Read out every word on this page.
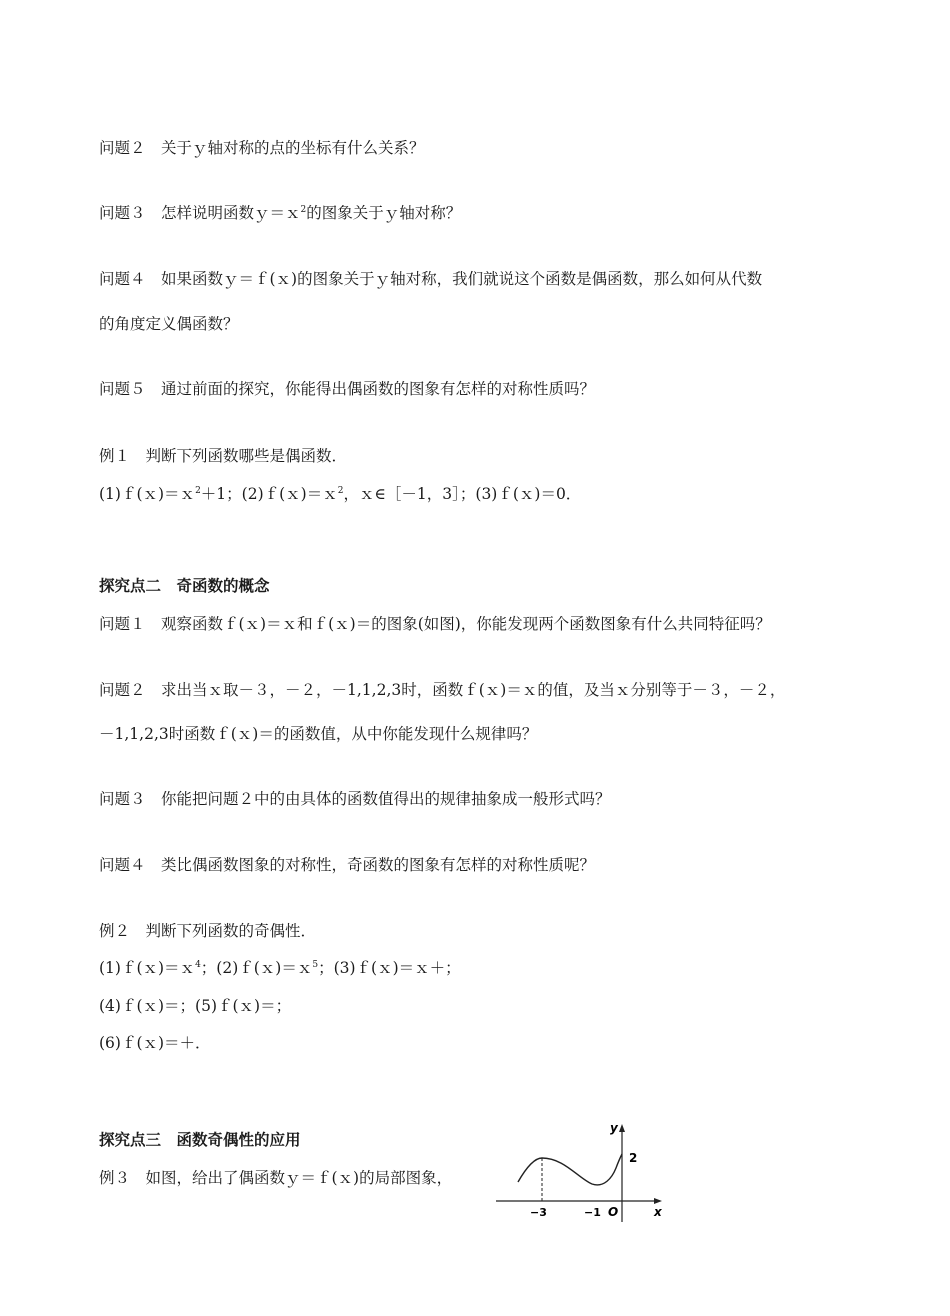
问题２　关于ｙ轴对称的点的坐标有什么关系？
问题３　怎样说明函数ｙ＝ｘ$^2$的图象关于ｙ轴对称？
问题４　如果函数ｙ＝ｆ(ｘ)的图象关于ｙ轴对称，我们就说这个函数是偶函数，那么如何从代数
的角度定义偶函数？
问题５　通过前面的探究，你能得出偶函数的图象有怎样的对称性质吗？
例１　判断下列函数哪些是偶函数．
(1)ｆ(ｘ)＝ｘ$^2$＋1；(2)ｆ(ｘ)＝ｘ$^2$，ｘ∈［－1，3］；(3)ｆ(ｘ)＝0．
探究点二　奇函数的概念
问题１　观察函数ｆ(ｘ)＝ｘ和ｆ(ｘ)＝的图象(如图)，你能发现两个函数图象有什么共同特征吗？
问题２　求出当ｘ取－３，－２，－1,1,2,3时，函数ｆ(ｘ)＝ｘ的值，及当ｘ分别等于－３，－２，
－1,1,2,3时函数ｆ(ｘ)＝的函数值，从中你能发现什么规律吗？
问题３　你能把问题２中的由具体的函数值得出的规律抽象成一般形式吗？
问题４　类比偶函数图象的对称性，奇函数的图象有怎样的对称性质呢？
例２　判断下列函数的奇偶性．
(1)ｆ(ｘ)＝ｘ$^4$；(2)ｆ(ｘ)＝ｘ$^5$；(3)ｆ(ｘ)＝ｘ＋；
(4)ｆ(ｘ)＝；(5)ｆ(ｘ)＝；
(6)ｆ(ｘ)＝＋．
探究点三　函数奇偶性的应用
例３　如图，给出了偶函数ｙ＝ｆ(ｘ)的局部图象，
y
x
2
−3	−1 O
